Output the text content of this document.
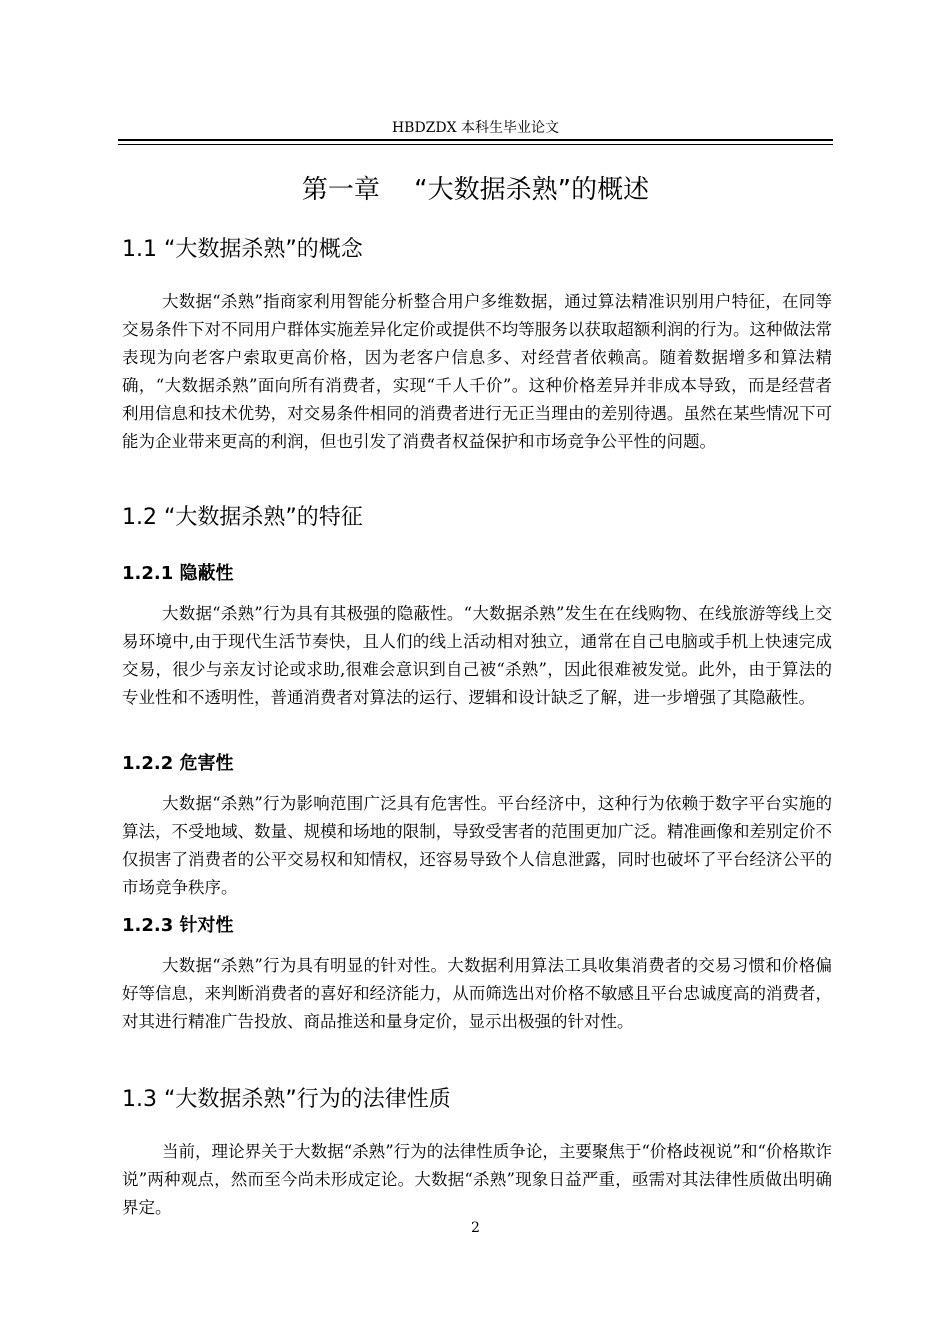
HBDZDX 本科生毕业论文
第一章　 “大数据杀熟”的概述
1.1 “大数据杀熟”的概念
大数据“杀熟”指商家利用智能分析整合用户多维数据，通过算法精准识别用户特征，在同等交易条件下对不同用户群体实施差异化定价或提供不均等服务以获取超额利润的行为。这种做法常表现为向老客户索取更高价格，因为老客户信息多、对经营者依赖高。随着数据增多和算法精确，“大数据杀熟”面向所有消费者，实现“千人千价”。这种价格差异并非成本导致，而是经营者利用信息和技术优势，对交易条件相同的消费者进行无正当理由的差别待遇。虽然在某些情况下可能为企业带来更高的利润，但也引发了消费者权益保护和市场竞争公平性的问题。
1.2 “大数据杀熟”的特征
1.2.1 隐蔽性
大数据“杀熟”行为具有其极强的隐蔽性。“大数据杀熟”发生在在线购物、在线旅游等线上交易环境中,由于现代生活节奏快，且人们的线上活动相对独立，通常在自己电脑或手机上快速完成交易，很少与亲友讨论或求助,很难会意识到自己被“杀熟”，因此很难被发觉。此外，由于算法的专业性和不透明性，普通消费者对算法的运行、逻辑和设计缺乏了解，进一步增强了其隐蔽性。
1.2.2 危害性
大数据“杀熟”行为影响范围广泛具有危害性。平台经济中，这种行为依赖于数字平台实施的算法，不受地域、数量、规模和场地的限制，导致受害者的范围更加广泛。精准画像和差别定价不仅损害了消费者的公平交易权和知情权，还容易导致个人信息泄露，同时也破坏了平台经济公平的市场竞争秩序。
1.2.3 针对性
大数据“杀熟”行为具有明显的针对性。大数据利用算法工具收集消费者的交易习惯和价格偏好等信息，来判断消费者的喜好和经济能力，从而筛选出对价格不敏感且平台忠诚度高的消费者，对其进行精准广告投放、商品推送和量身定价，显示出极强的针对性。
1.3 “大数据杀熟”行为的法律性质
当前，理论界关于大数据“杀熟”行为的法律性质争论，主要聚焦于“价格歧视说”和“价格欺诈说”两种观点，然而至今尚未形成定论。大数据“杀熟”现象日益严重，亟需对其法律性质做出明确界定。
2
